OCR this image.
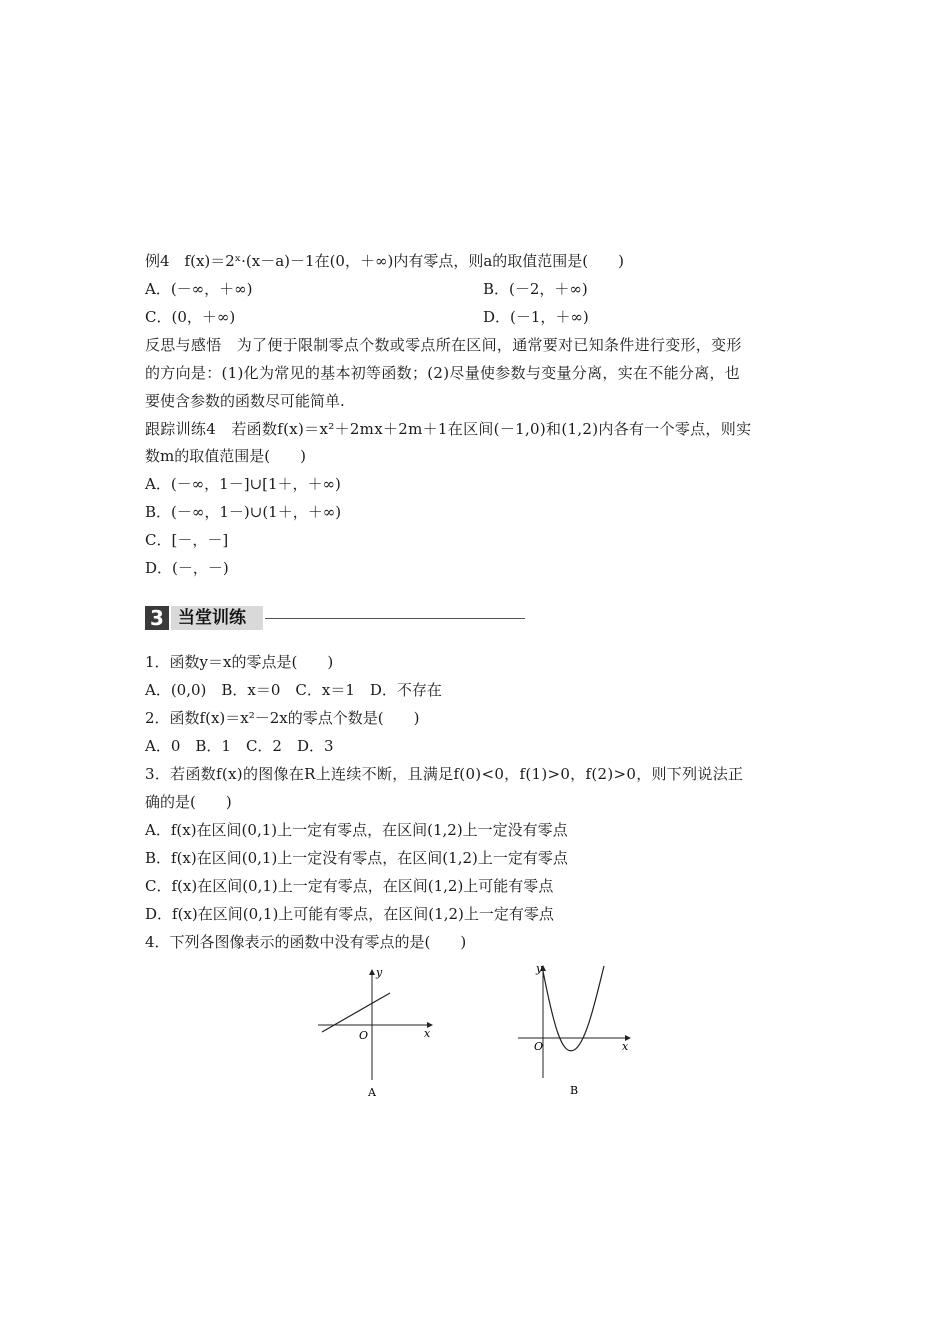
例4　f(x)＝2ˣ·(x－a)－1在(0，＋∞)内有零点，则a的取值范围是(　　)
A．(－∞，＋∞)	B．(－2，＋∞)
C．(0，＋∞)	D．(－1，＋∞)
反思与感悟　为了便于限制零点个数或零点所在区间，通常要对已知条件进行变形，变形
的方向是：(1)化为常见的基本初等函数；(2)尽量使参数与变量分离，实在不能分离，也
要使含参数的函数尽可能简单.
跟踪训练4　若函数f(x)＝x²＋2mx＋2m＋1在区间(－1,0)和(1,2)内各有一个零点，则实
数m的取值范围是(　　)
A．(－∞，1－]∪[1＋，＋∞)
B．(－∞，1－)∪(1＋，＋∞)
C．[－，－]
D．(－，－)
3 当堂训练
1．函数y＝x的零点是(　　)
A．(0,0)　B．x＝0　C．x＝1　D．不存在
2．函数f(x)＝x²－2x的零点个数是(　　)
A．0　B．1　C．2　D．3
3．若函数f(x)的图像在R上连续不断，且满足f(0)<0，f(1)>0，f(2)>0，则下列说法正
确的是(　　)
A．f(x)在区间(0,1)上一定有零点，在区间(1,2)上一定没有零点
B．f(x)在区间(0,1)上一定没有零点，在区间(1,2)上一定有零点
C．f(x)在区间(0,1)上一定有零点，在区间(1,2)上可能有零点
D．f(x)在区间(0,1)上可能有零点，在区间(1,2)上一定有零点
4．下列各图像表示的函数中没有零点的是(　　)
y
x
O
A
y
x
O
B
